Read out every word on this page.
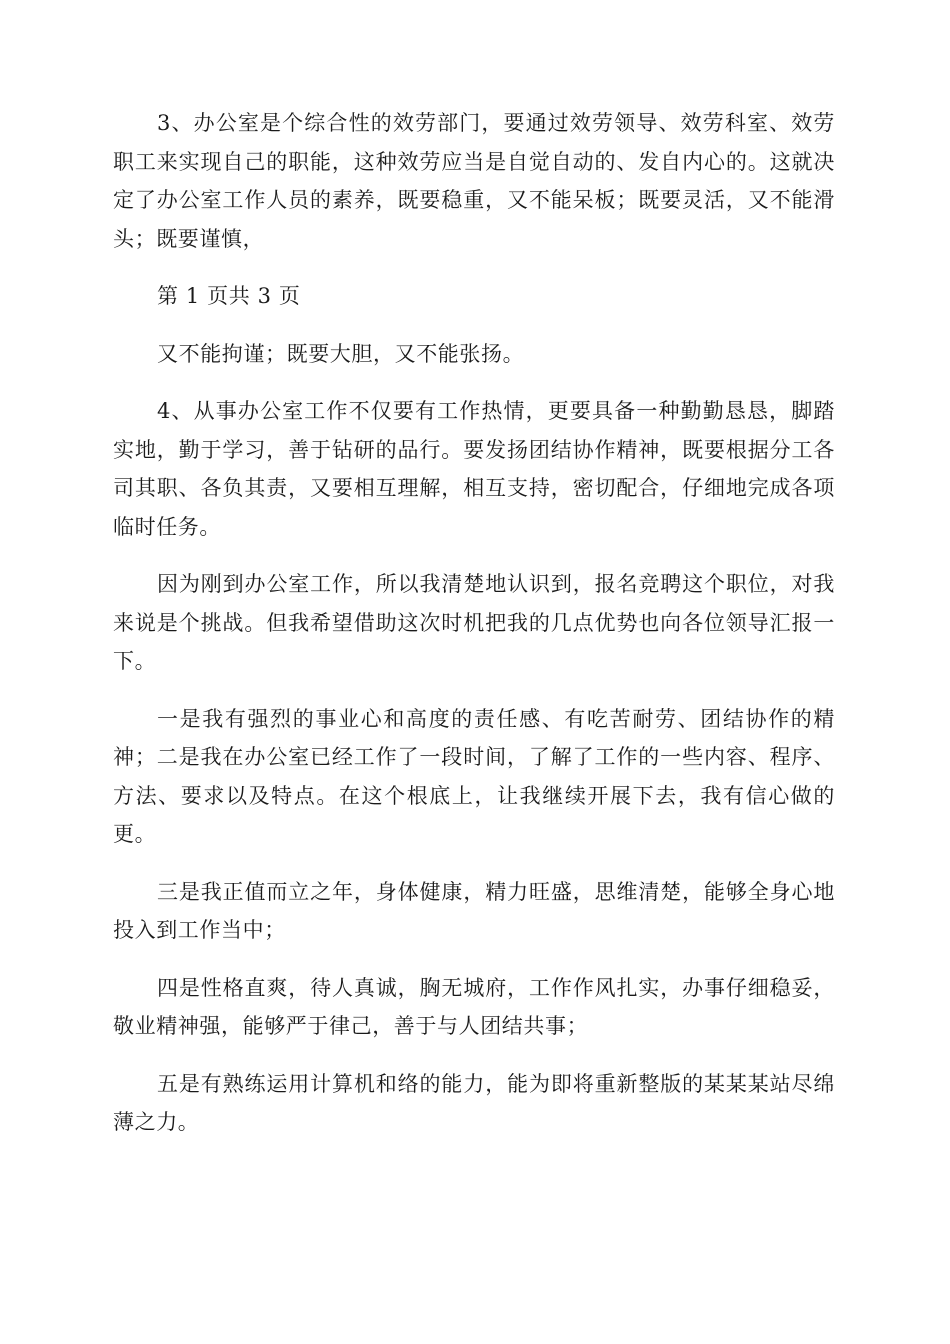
3、办公室是个综合性的效劳部门，要通过效劳领导、效劳科室、效劳职工来实现自己的职能，这种效劳应当是自觉自动的、发自内心的。这就决定了办公室工作人员的素养，既要稳重，又不能呆板；既要灵活，又不能滑头；既要谨慎，

第 1 页共 3 页

又不能拘谨；既要大胆，又不能张扬。

4、从事办公室工作不仅要有工作热情，更要具备一种勤勤恳恳，脚踏实地，勤于学习，善于钻研的品行。要发扬团结协作精神，既要根据分工各司其职、各负其责，又要相互理解，相互支持，密切配合，仔细地完成各项临时任务。

因为刚到办公室工作，所以我清楚地认识到，报名竞聘这个职位，对我来说是个挑战。但我希望借助这次时机把我的几点优势也向各位领导汇报一下。

一是我有强烈的事业心和高度的责任感、有吃苦耐劳、团结协作的精神；二是我在办公室已经工作了一段时间，了解了工作的一些内容、程序、方法、要求以及特点。在这个根底上，让我继续开展下去，我有信心做的更。

三是我正值而立之年，身体健康，精力旺盛，思维清楚，能够全身心地投入到工作当中；

四是性格直爽，待人真诚，胸无城府，工作作风扎实，办事仔细稳妥，敬业精神强，能够严于律己，善于与人团结共事；

五是有熟练运用计算机和络的能力，能为即将重新整版的某某某站尽绵薄之力。
